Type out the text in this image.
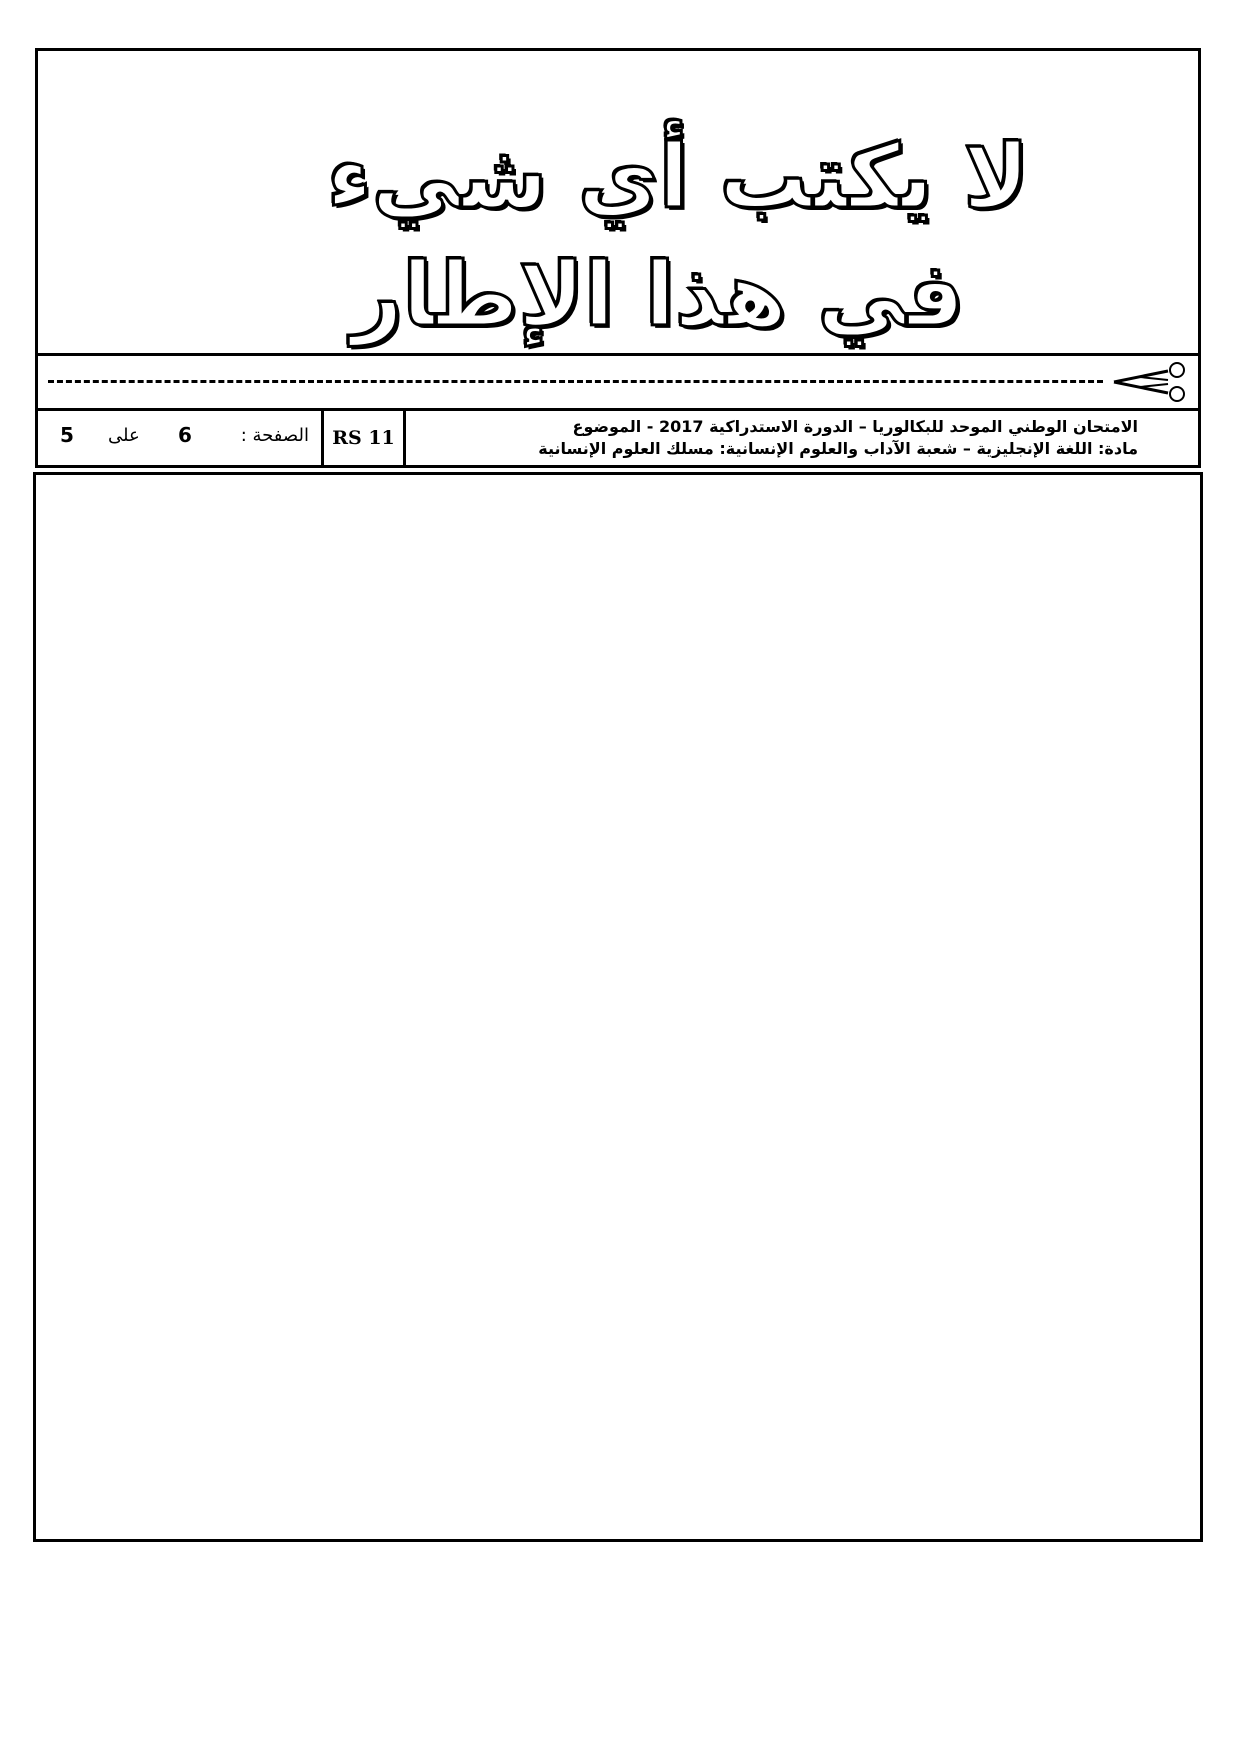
لا يكتب أي شيء
في هذا الإطار
الامتحان الوطني الموحد للبكالوريا – الدورة الاستدراكية 2017 - الموضوع
مادة: اللغة الإنجليزية – شعبة الآداب والعلوم الإنسانية: مسلك العلوم الإنسانية
RS 11
الصفحة :
6
على
5
